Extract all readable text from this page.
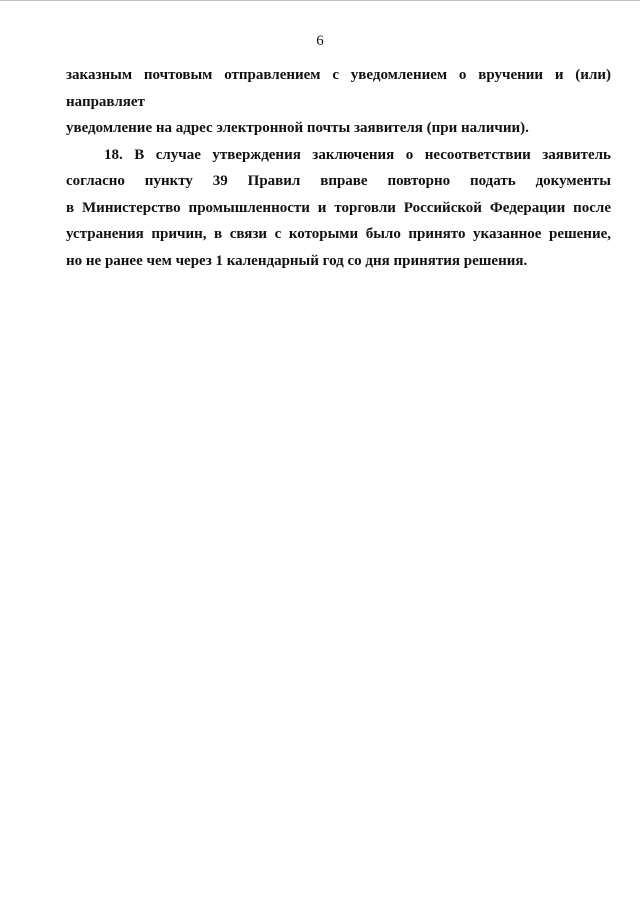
6
заказным почтовым отправлением с уведомлением о вручении и (или) направляет
уведомление на адрес электронной почты заявителя (при наличии).
18. В случае утверждения заключения о несоответствии заявитель
согласно пункту 39 Правил вправе повторно подать документы
в Министерство промышленности и торговли Российской Федерации после
устранения причин, в связи с которыми было принято указанное решение,
но не ранее чем через 1 календарный год со дня принятия решения.
